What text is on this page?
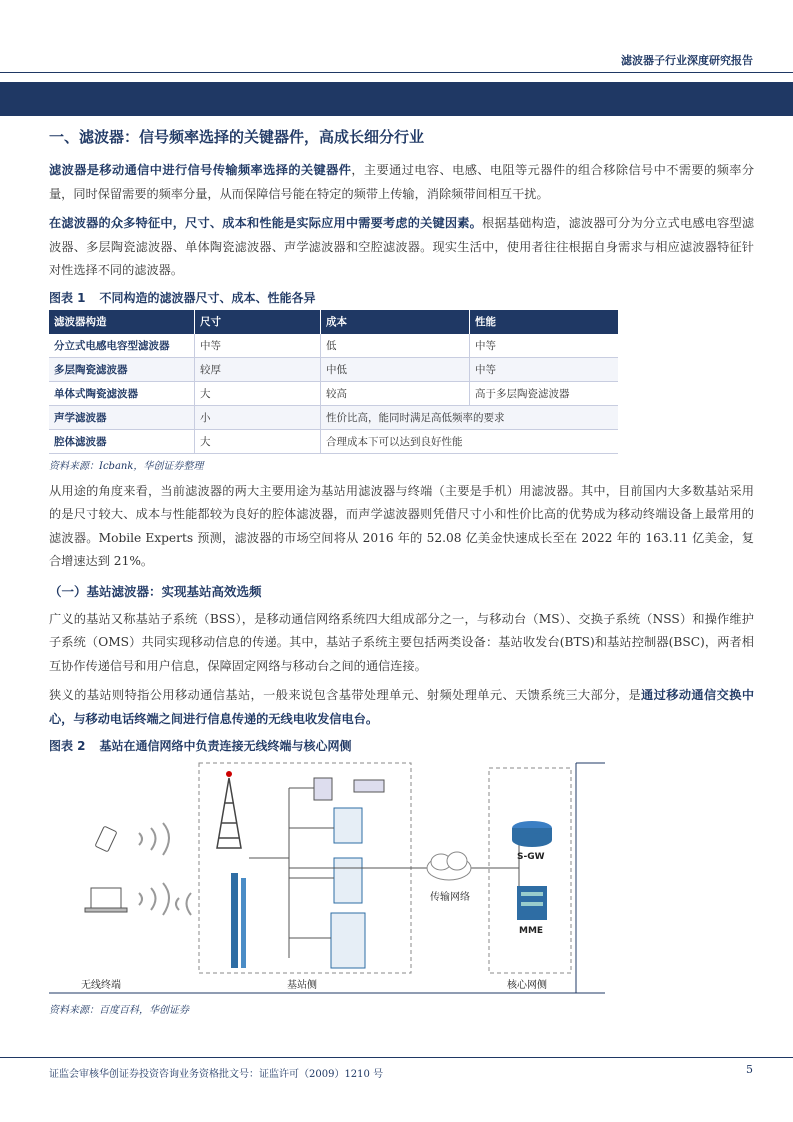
滤波器子行业深度研究报告
一、滤波器：信号频率选择的关键器件，高成长细分行业

滤波器是移动通信中进行信号传输频率选择的关键器件，主要通过电容、电感、电阻等元器件的组合移除信号中不需要的频率分量，同时保留需要的频率分量，从而保障信号能在特定的频带上传输，消除频带间相互干扰。

在滤波器的众多特征中，尺寸、成本和性能是实际应用中需要考虑的关键因素。根据基础构造，滤波器可分为分立式电感电容型滤波器、多层陶瓷滤波器、单体陶瓷滤波器、声学滤波器和空腔滤波器。现实生活中，使用者往往根据自身需求与相应滤波器特征针对性选择不同的滤波器。

图表 1 不同构造的滤波器尺寸、成本、性能各异
滤波器构造	尺寸	成本	性能
分立式电感电容型滤波器	中等	低	中等
多层陶瓷滤波器	较厚	中低	中等
单体式陶瓷滤波器	大	较高	高于多层陶瓷滤波器
声学滤波器	小	性价比高，能同时满足高低频率的要求	
腔体滤波器	大	合理成本下可以达到良好性能	
资料来源：Icbank，华创证券整理

从用途的角度来看，当前滤波器的两大主要用途为基站用滤波器与终端（主要是手机）用滤波器。其中，目前国内大多数基站采用的是尺寸较大、成本与性能都较为良好的腔体滤波器，而声学滤波器则凭借尺寸小和性价比高的优势成为移动终端设备上最常用的滤波器。Mobile Experts 预测，滤波器的市场空间将从 2016 年的 52.08 亿美金快速成长至在 2022 年的 163.11 亿美金，复合增速达到 21%。

（一）基站滤波器：实现基站高效选频

广义的基站又称基站子系统（BSS），是移动通信网络系统四大组成部分之一，与移动台（MS）、交换子系统（NSS）和操作维护子系统（OMS）共同实现移动信息的传递。其中，基站子系统主要包括两类设备：基站收发台(BTS)和基站控制器(BSC)，两者相互协作传递信号和用户信息，保障固定网络与移动台之间的通信连接。

狭义的基站则特指公用移动通信基站，一般来说包含基带处理单元、射频处理单元、天馈系统三大部分，是通过移动通信交换中心，与移动电话终端之间进行信息传递的无线电收发信电台。

图表 2 基站在通信网络中负责连接无线终端与核心网侧
S-GW
MME
传输网络
无线终端	基站侧	核心网侧
资料来源：百度百科，华创证券
证监会审核华创证券投资咨询业务资格批文号：证监许可（2009）1210 号	5
